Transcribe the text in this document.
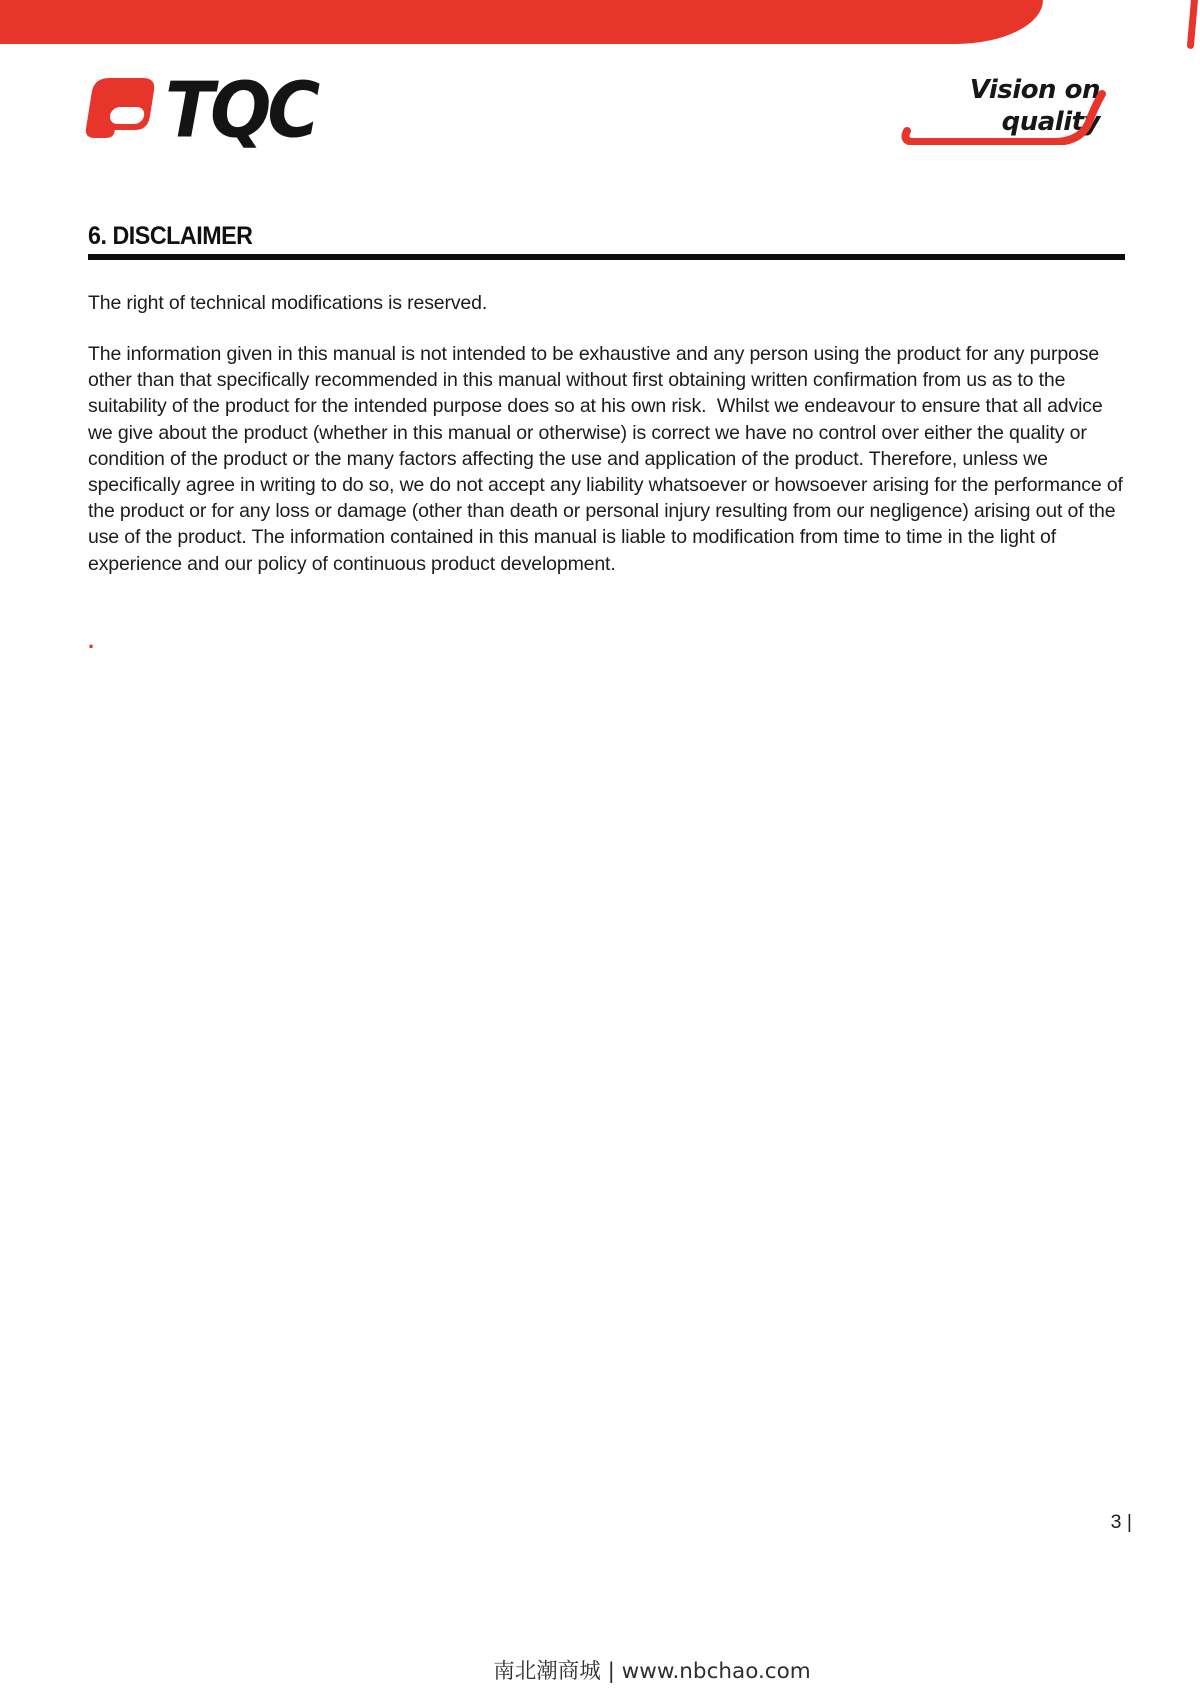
TQC	Vision on quality
6. DISCLAIMER

The right of technical modifications is reserved.

The information given in this manual is not intended to be exhaustive and any person using the product for any purpose other than that specifically recommended in this manual without first obtaining written confirmation from us as to the suitability of the product for the intended purpose does so at his own risk.  Whilst we endeavour to ensure that all advice we give about the product (whether in this manual or otherwise) is correct we have no control over either the quality or condition of the product or the many factors affecting the use and application of the product. Therefore, unless we specifically agree in writing to do so, we do not accept any liability whatsoever or howsoever arising for the performance of the product or for any loss or damage (other than death or personal injury resulting from our negligence) arising out of the use of the product. The information contained in this manual is liable to modification from time to time in the light of experience and our policy of continuous product development.

.
3 |
南北潮商城 | www.nbchao.com
